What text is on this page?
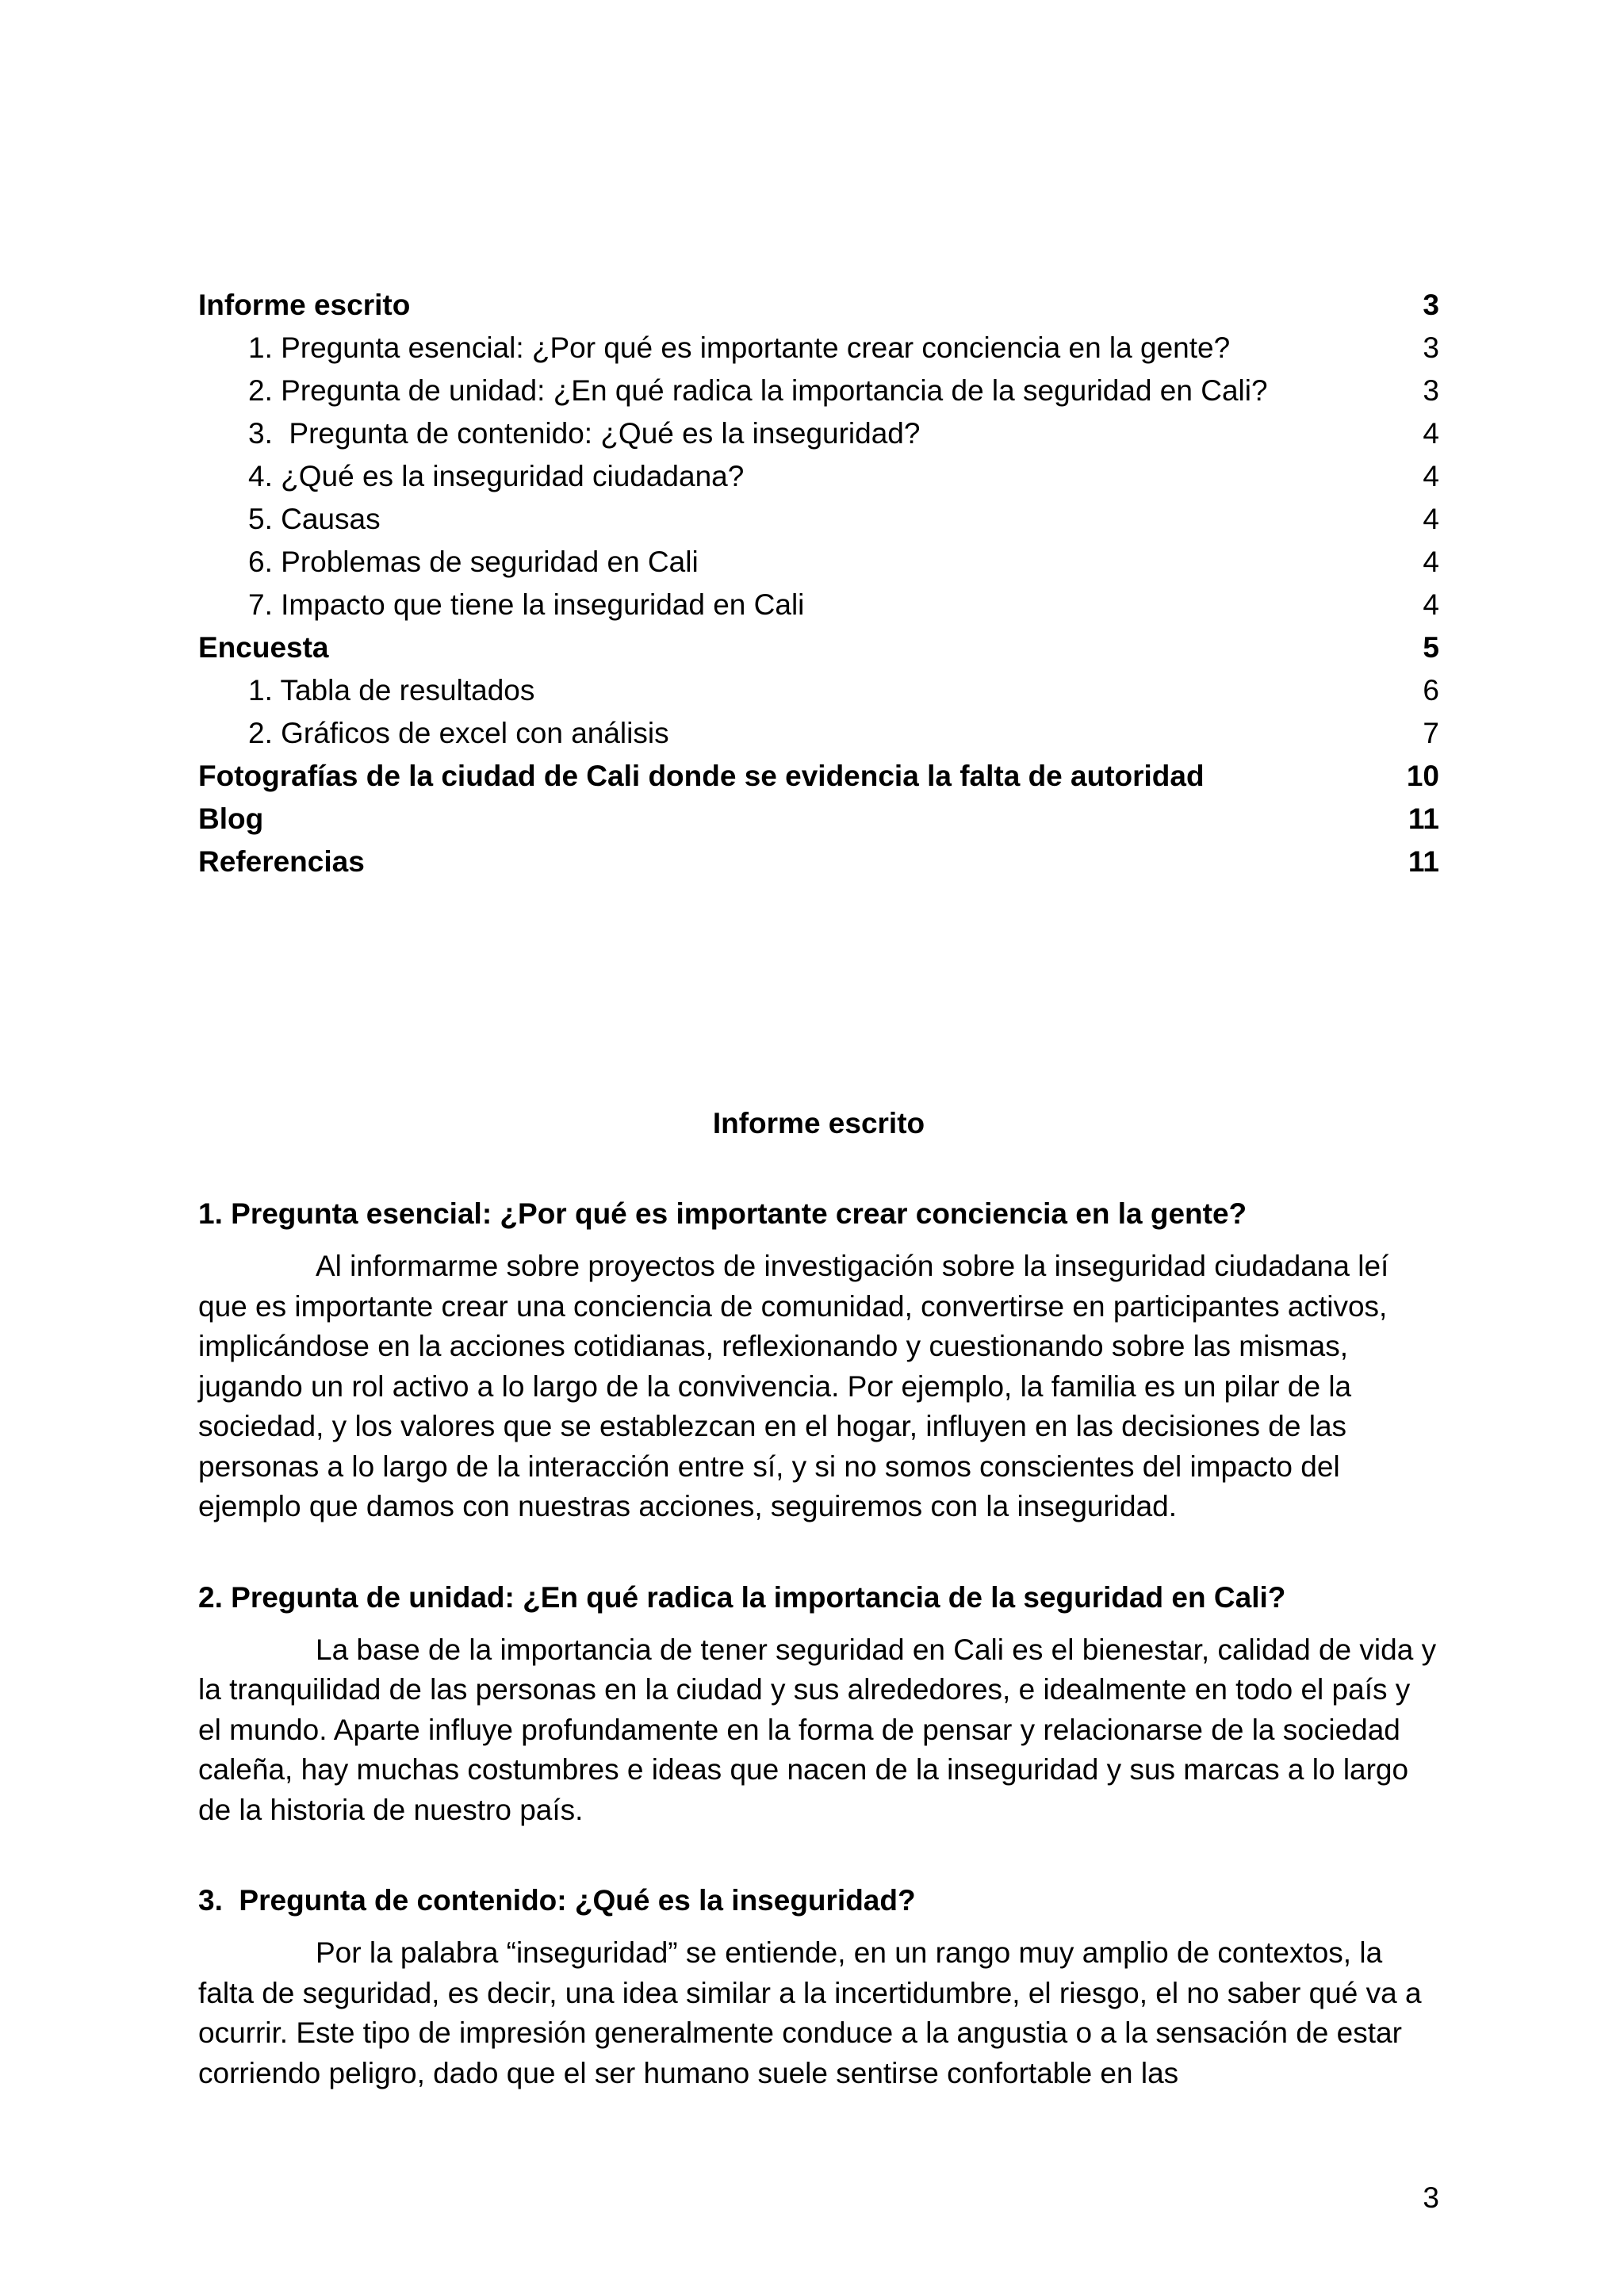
Informe escrito	3
1. Pregunta esencial: ¿Por qué es importante crear conciencia en la gente?	3
2. Pregunta de unidad: ¿En qué radica la importancia de la seguridad en Cali?	3
3.  Pregunta de contenido: ¿Qué es la inseguridad?	4
4. ¿Qué es la inseguridad ciudadana?	4
5. Causas	4
6. Problemas de seguridad en Cali	4
7. Impacto que tiene la inseguridad en Cali	4
Encuesta	5
1. Tabla de resultados	6
2. Gráficos de excel con análisis	7
Fotografías de la ciudad de Cali donde se evidencia la falta de autoridad	10
Blog	11
Referencias	11
Informe escrito
1. Pregunta esencial: ¿Por qué es importante crear conciencia en la gente?

Al informarme sobre proyectos de investigación sobre la inseguridad ciudadana leí que es importante crear una conciencia de comunidad, convertirse en participantes activos, implicándose en la acciones cotidianas, reflexionando y cuestionando sobre las mismas, jugando un rol activo a lo largo de la convivencia. Por ejemplo, la familia es un pilar de la sociedad, y los valores que se establezcan en el hogar, influyen en las decisiones de las personas a lo largo de la interacción entre sí, y si no somos conscientes del impacto del ejemplo que damos con nuestras acciones, seguiremos con la inseguridad.

2. Pregunta de unidad: ¿En qué radica la importancia de la seguridad en Cali?

La base de la importancia de tener seguridad en Cali es el bienestar, calidad de vida y la tranquilidad de las personas en la ciudad y sus alrededores, e idealmente en todo el país y el mundo. Aparte influye profundamente en la forma de pensar y relacionarse de la sociedad caleña, hay muchas costumbres e ideas que nacen de la inseguridad y sus marcas a lo largo de la historia de nuestro país.

3.  Pregunta de contenido: ¿Qué es la inseguridad?

Por la palabra “inseguridad” se entiende, en un rango muy amplio de contextos, la falta de seguridad, es decir, una idea similar a la incertidumbre, el riesgo, el no saber qué va a ocurrir. Este tipo de impresión generalmente conduce a la angustia o a la sensación de estar corriendo peligro, dado que el ser humano suele sentirse confortable en las

3
